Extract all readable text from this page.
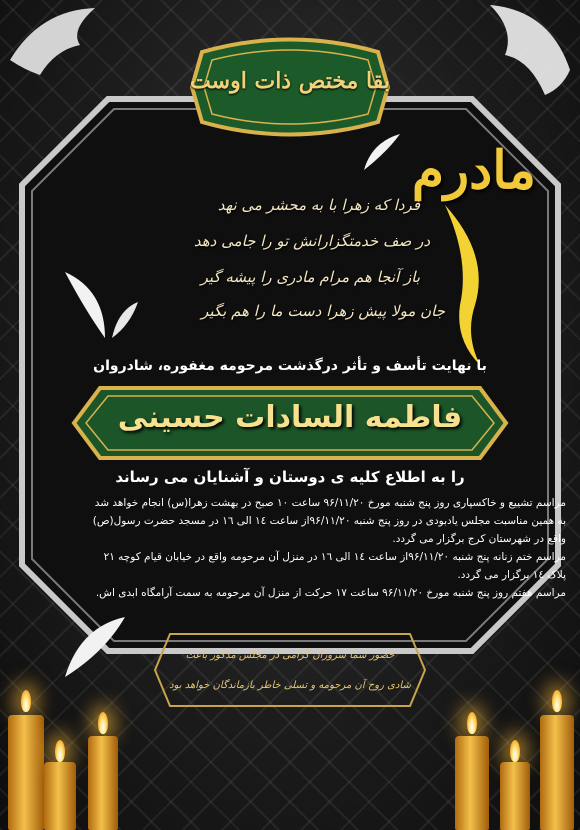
بقا مختص ذات اوست
مادرم
فردا که زهرا با به محشر می نهد
در صف خدمتگزارانش تو را جامی دهد
باز آنجا هم مرام مادری را پیشه گیر
جان مولا پیش زهرا دست ما را هم بگیر
با نهایت تأسف و تأثر درگذشت مرحومه مغفوره، شادروان
فاطمه السادات حسینی
را به اطلاع کلیه ی دوستان و آشنایان می رساند

مراسم تشییع و خاکسپاری روز پنج شنبه مورخ ۹۶/۱۱/۲۰ ساعت ۱۰ صبح در بهشت زهرا(س) انجام خواهد شد

به همین مناسبت مجلس یادبودی در روز پنج شنبه ۹۶/۱۱/۲۰از ساعت ۱٤ الی ۱٦ در مسجد حضرت رسول(ص)

واقع در شهرستان کرج برگزار می گردد.

مراسم ختم زنانه پنج شنبه ۹۶/۱۱/۲۰از ساعت ۱٤ الی ۱٦ در منزل آن مرحومه واقع در خیابان قیام کوچه ۲۱

پلاک ۱٤ برگزار می گردد.

مراسم هفتم روز پنج شنبه مورخ ۹۶/۱۱/۲۰ ساعت ۱۷ حرکت از منزل آن مرحومه به سمت آرامگاه ابدی اش.

حضور شما سروران گرامی در مجلس مذکور باعث
شادی روح آن مرحومه و تسلی خاطر بازماندگان خواهد بود
